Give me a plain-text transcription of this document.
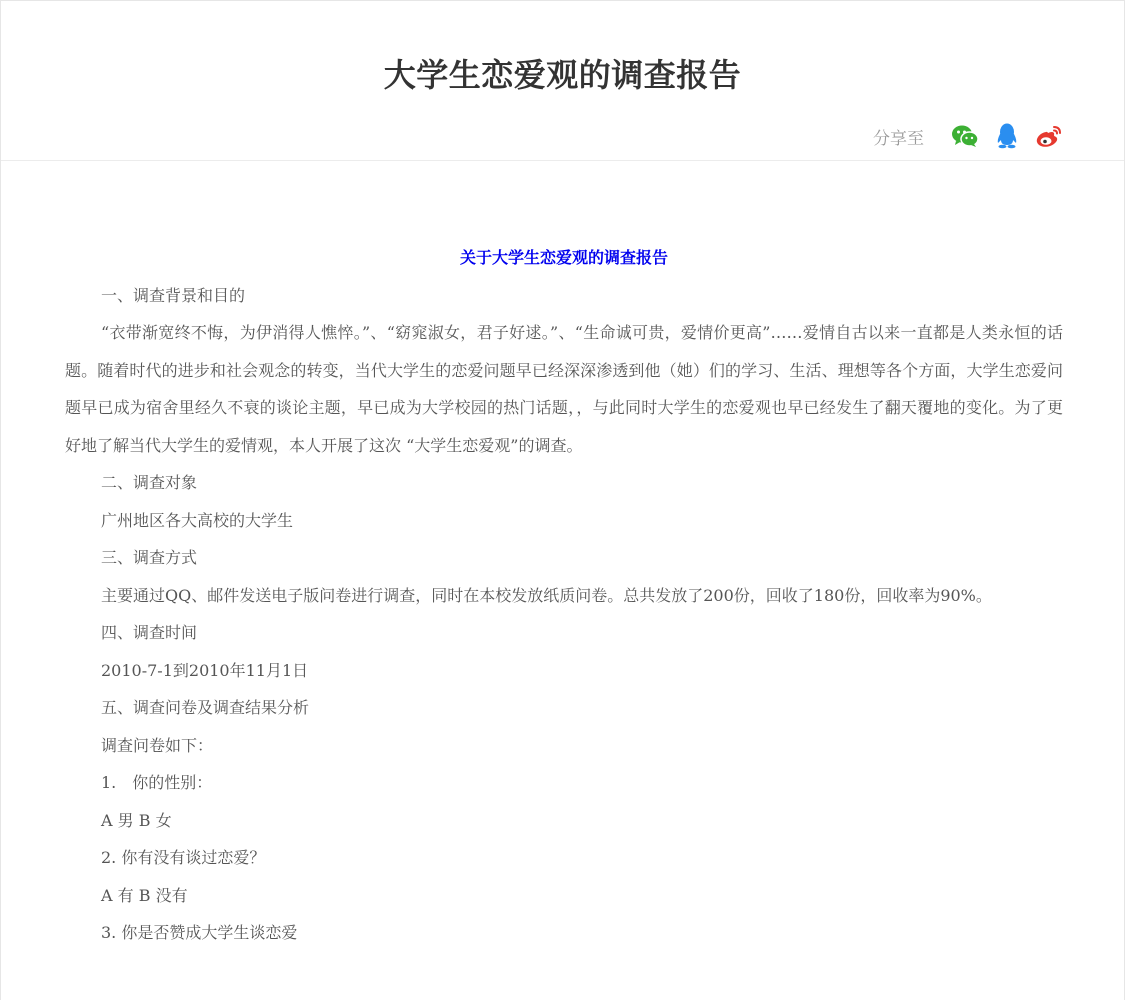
大学生恋爱观的调查报告
分享至
关于大学生恋爱观的调查报告

一、调查背景和目的

“衣带渐宽终不悔，为伊消得人憔悴。”、“窈窕淑女，君子好逑。”、“生命诚可贵，爱情价更高”……爱情自古以来一直都是人类永恒的话题。随着时代的进步和社会观念的转变，当代大学生的恋爱问题早已经深深渗透到他（她）们的学习、生活、理想等各个方面，大学生恋爱问题早已成为宿舍里经久不衰的谈论主题，早已成为大学校园的热门话题，，与此同时大学生的恋爱观也早已经发生了翻天覆地的变化。为了更好地了解当代大学生的爱情观，本人开展了这次 “大学生恋爱观”的调查。

二、调查对象

广州地区各大高校的大学生

三、调查方式

主要通过QQ、邮件发送电子版问卷进行调查，同时在本校发放纸质问卷。总共发放了200份，回收了180份，回收率为90%。

四、调查时间

2010-7-1到2010年11月1日

五、调查问卷及调查结果分析

调查问卷如下：

1.　你的性别：

A 男 B 女

2. 你有没有谈过恋爱？

A 有 B 没有

3. 你是否赞成大学生谈恋爱
